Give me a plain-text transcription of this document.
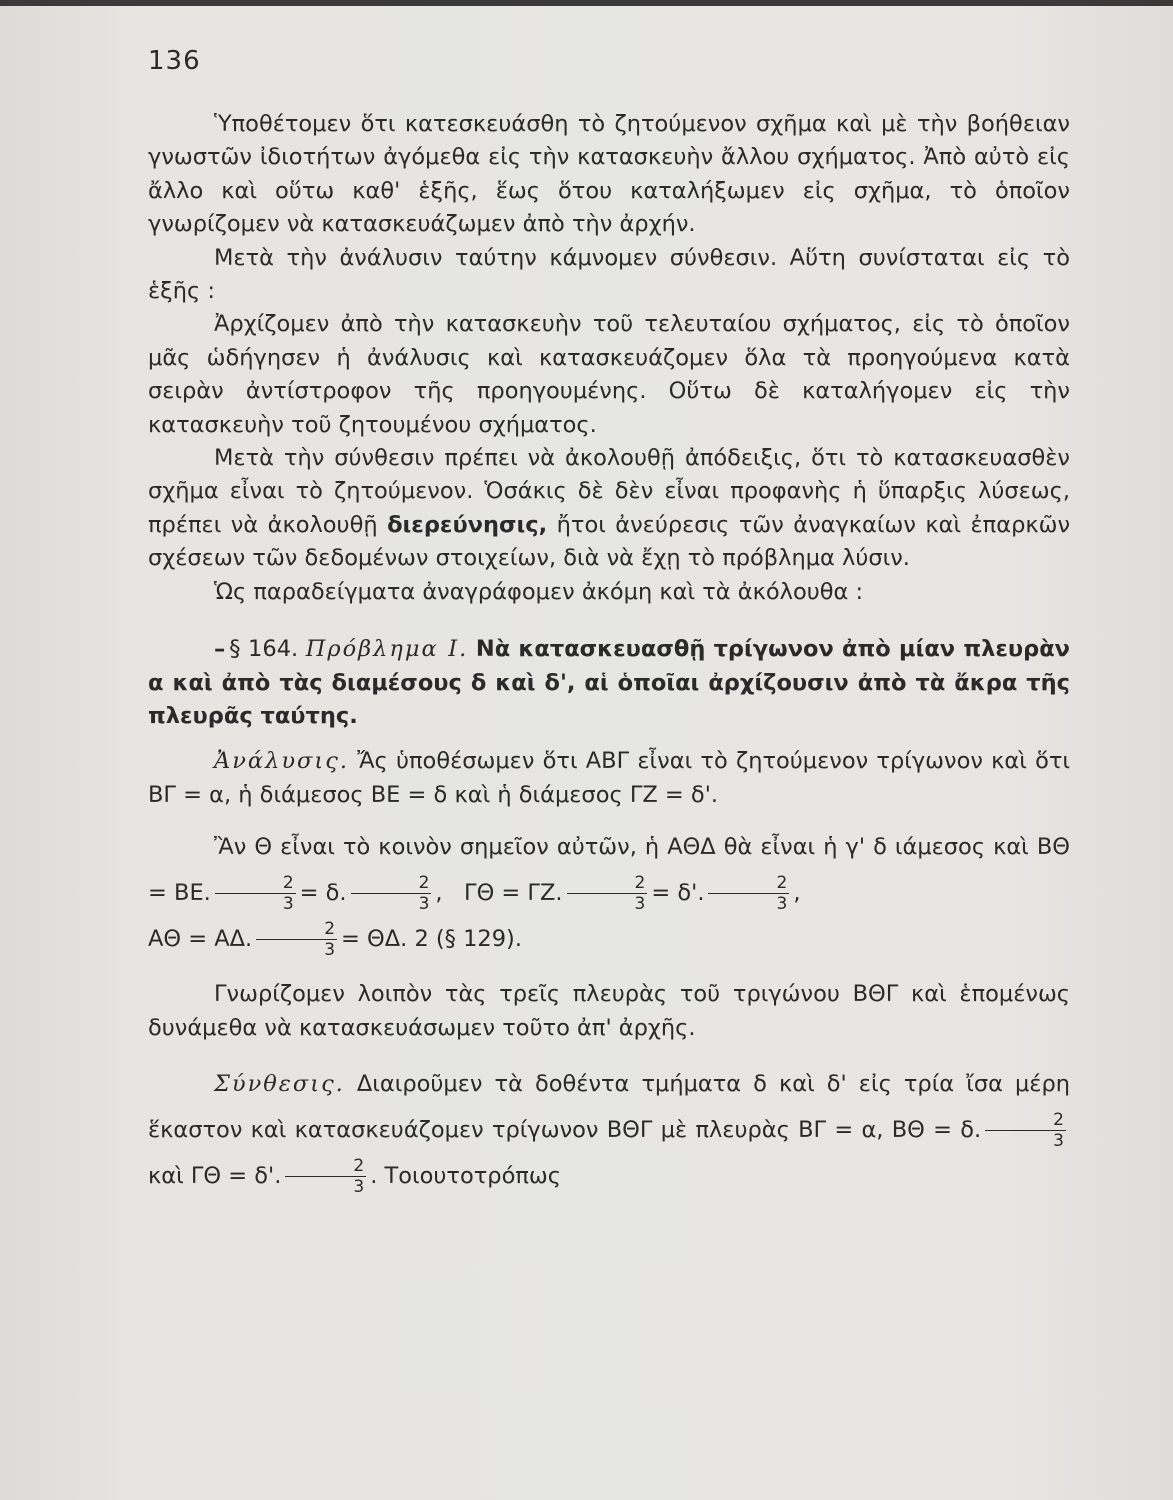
136

Ὑποθέτομεν ὅτι κατεσκευάσθη τὸ ζητούμενον σχῆμα καὶ μὲ τὴν βοήθειαν γνωστῶν ἰδιοτήτων ἀγόμεθα εἰς τὴν κατασκευὴν ἄλλου σχήματος. Ἀπὸ αὐτὸ εἰς ἄλλο καὶ οὕτω καθ' ἑξῆς, ἕως ὅτου καταλήξωμεν εἰς σχῆμα, τὸ ὁποῖον γνωρίζομεν νὰ κατασκευάζωμεν ἀπὸ τὴν ἀρχήν.

Μετὰ τὴν ἀνάλυσιν ταύτην κάμνομεν σύνθεσιν. Αὕτη συνίσταται εἰς τὸ ἑξῆς :

Ἀρχίζομεν ἀπὸ τὴν κατασκευὴν τοῦ τελευταίου σχήματος, εἰς τὸ ὁποῖον μᾶς ὡδήγησεν ἡ ἀνάλυσις καὶ κατασκευάζομεν ὅλα τὰ προηγούμενα κατὰ σειρὰν ἀντίστροφον τῆς προηγουμένης. Οὕτω δὲ καταλήγομεν εἰς τὴν κατασκευὴν τοῦ ζητουμένου σχήματος.

Μετὰ τὴν σύνθεσιν πρέπει νὰ ἀκολουθῇ ἀπόδειξις, ὅτι τὸ κατασκευασθὲν σχῆμα εἶναι τὸ ζητούμενον. Ὁσάκις δὲ δὲν εἶναι προφανὴς ἡ ὕπαρξις λύσεως, πρέπει νὰ ἀκολουθῇ διερεύνησις, ἤτοι ἀνεύρεσις τῶν ἀναγκαίων καὶ ἐπαρκῶν σχέσεων τῶν δεδομένων στοιχείων, διὰ νὰ ἔχῃ τὸ πρόβλημα λύσιν.

Ὡς παραδείγματα ἀναγράφομεν ἀκόμη καὶ τὰ ἀκόλουθα :

– § 164. Πρόβλημα Ι. Νὰ κατασκευασθῇ τρίγωνον ἀπὸ μίαν πλευρὰν α καὶ ἀπὸ τὰς διαμέσους δ καὶ δ', αἱ ὁποῖαι ἀρχίζουσιν ἀπὸ τὰ ἄκρα τῆς πλευρᾶς ταύτης.

Ἀνάλυσις. Ἄς ὑποθέσωμεν ὅτι ΑΒΓ εἶναι τὸ ζητούμενον τρίγωνον καὶ ὅτι ΒΓ = α, ἡ διάμεσος ΒΕ = δ καὶ ἡ διάμεσος ΓΖ = δ'.

Ἂν Θ εἶναι τὸ κοινὸν σημεῖον αὐτῶν, ἡ ΑΘΔ θὰ εἶναι ἡ γ' δ ιάμεσος καὶ ΒΘ = ΒΕ. $\frac{2}{3} = \delta$. $\frac{2}{3}$ , ΓΘ = ΓΖ. $\frac{2}{3} = \delta'$. $\frac{2}{3}$ ,
ΑΘ = ΑΔ. $\frac{2}{3} = \Theta\Delta$. 2 (§ 129).

Γνωρίζομεν λοιπὸν τὰς τρεῖς πλευρὰς τοῦ τριγώνου ΒΘΓ καὶ ἑπομένως δυνάμεθα νὰ κατασκευάσωμεν τοῦτο ἀπ' ἀρχῆς.

Σύνθεσις. Διαιροῦμεν τὰ δοθέντα τμήματα δ καὶ δ' εἰς τρία ἴσα μέρη ἕκαστον καὶ κατασκευάζομεν τρίγωνον ΒΘΓ μὲ πλευρὰς ΒΓ = α, ΒΘ = δ. $\frac{2}{3}$
καὶ ΓΘ = δ'. $\frac{2}{3}$ . Τοιουτοτρόπως
